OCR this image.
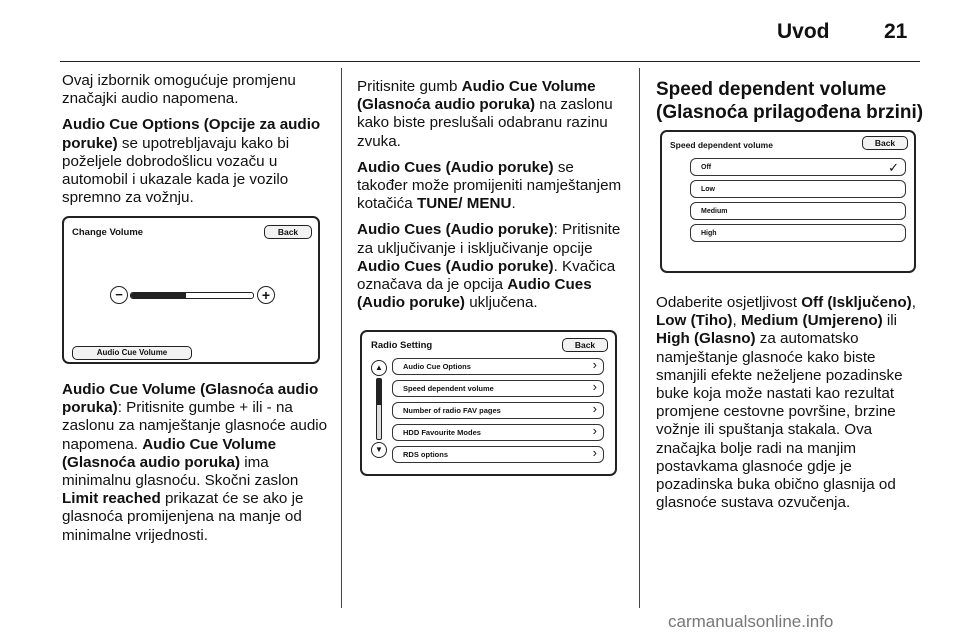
Uvod	21

Ovaj izbornik omogućuje promjenu značajki audio napomena.

Audio Cue Options (Opcije za audio poruke) se upotrebljavaju kako bi poželjele dobrodošlicu vozaču u automobil i ukazale kada je vozilo spremno za vožnju.

Change Volume	Back
−	+
Audio Cue Volume

Audio Cue Volume (Glasnoća audio poruka): Pritisnite gumbe + ili - na zaslonu za namještanje glasnoće audio napomena. Audio Cue Volume (Glasnoća audio poruka) ima minimalnu glasnoću. Skočni zaslon Limit reached prikazat će se ako je glasnoća promijenjena na manje od minimalne vrijednosti.

Pritisnite gumb Audio Cue Volume (Glasnoća audio poruka) na zaslonu kako biste preslušali odabranu razinu zvuka.

Audio Cues (Audio poruke) se također može promijeniti namještanjem kotačića TUNE/ MENU.

Audio Cues (Audio poruke): Pritisnite za uključivanje i isključivanje opcije Audio Cues (Audio poruke). Kvačica označava da je opcija Audio Cues (Audio poruke) uključena.

Radio Setting	Back
▲
▼
Audio Cue Options	›
Speed dependent volume	›
Number of radio FAV pages	›
HDD Favourite Modes	›
RDS options	›
Speed dependent volume (Glasnoća prilagođena brzini)
Speed dependent volume	Back
Off	✓
Low
Medium
High

Odaberite osjetljivost Off (Isključeno), Low (Tiho), Medium (Umjereno) ili High (Glasno) za automatsko namještanje glasnoće kako biste smanjili efekte neželjene pozadinske buke koja može nastati kao rezultat promjene cestovne površine, brzine vožnje ili spuštanja stakala. Ova značajka bolje radi na manjim postavkama glasnoće gdje je pozadinska buka obično glasnija od glasnoće sustava ozvučenja.

carmanualsonline.info
